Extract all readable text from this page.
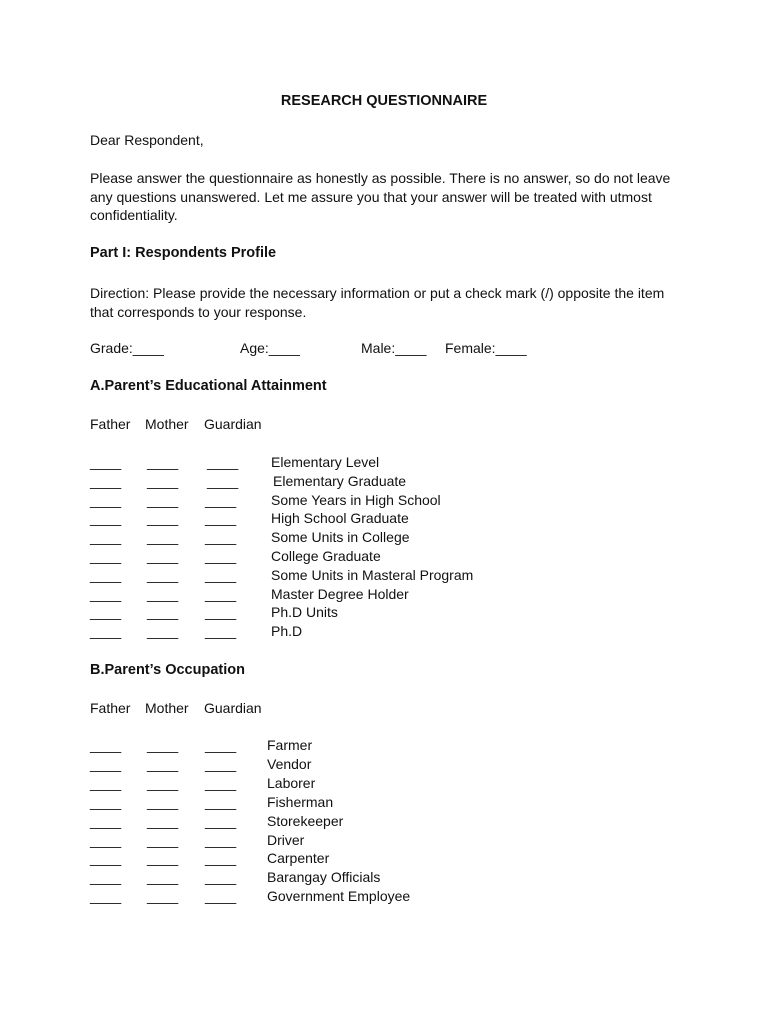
RESEARCH QUESTIONNAIRE
Dear Respondent,
Please answer the questionnaire as honestly as possible. There is no answer, so do not leave any questions unanswered. Let me assure you that your answer will be treated with utmost confidentiality.
Part I: Respondents Profile
Direction: Please provide the necessary information or put a check mark (/) opposite the item that corresponds to your response.
Grade:____	Age:____	Male:____ Female:____
A.Parent’s Educational Attainment
Father Mother Guardian
____ ____ ____ Elementary Level
____ ____ ____ Elementary Graduate
____ ____ ____ Some Years in High School
____ ____ ____ High School Graduate
____ ____ ____ Some Units in College
____ ____ ____ College Graduate
____ ____ ____ Some Units in Masteral Program
____ ____ ____ Master Degree Holder
____ ____ ____ Ph.D Units
____ ____ ____ Ph.D
B.Parent’s Occupation
Father Mother Guardian
____ ____ ____ Farmer
____ ____ ____ Vendor
____ ____ ____ Laborer
____ ____ ____ Fisherman
____ ____ ____ Storekeeper
____ ____ ____ Driver
____ ____ ____ Carpenter
____ ____ ____ Barangay Officials
____ ____ ____ Government Employee
